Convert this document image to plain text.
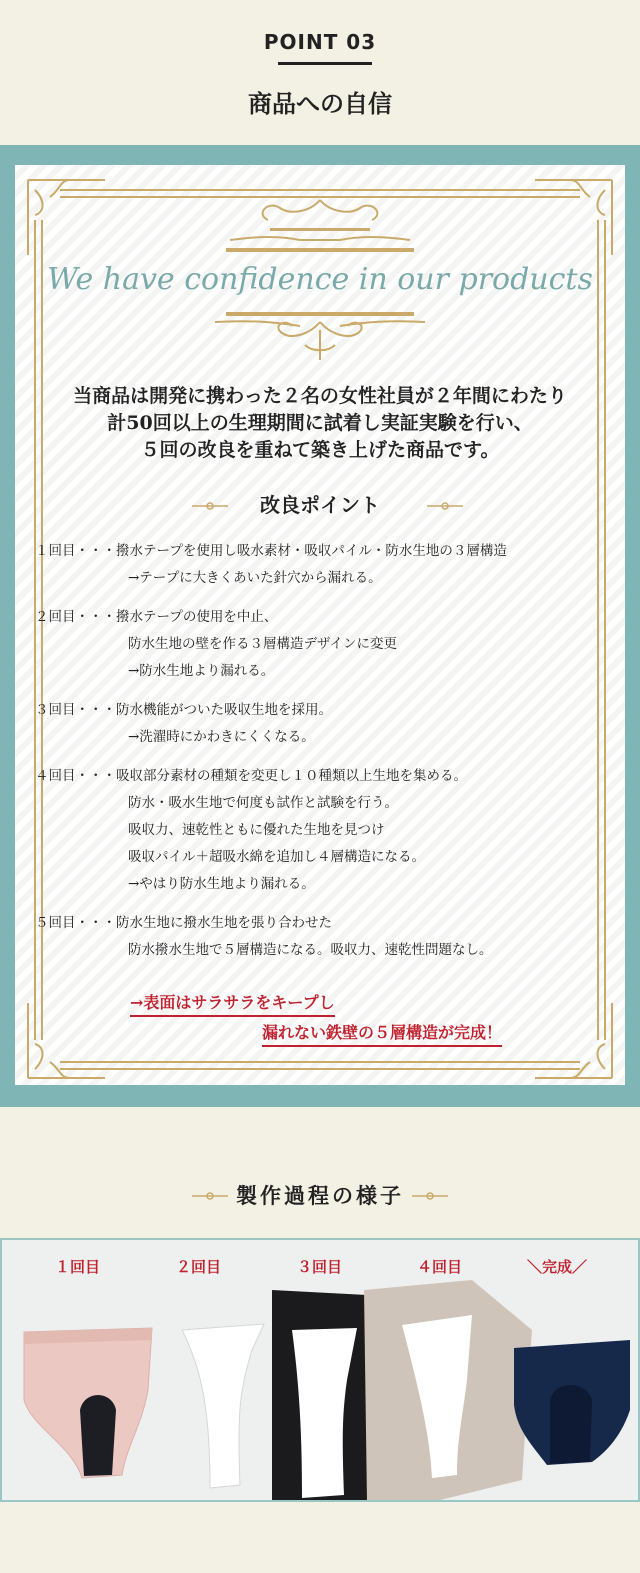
POINT 03
商品への自信
We have confidence in our products
当商品は開発に携わった２名の女性社員が２年間にわたり
計50回以上の生理期間に試着し実証実験を行い、
５回の改良を重ねて築き上げた商品です。
改良ポイント
１回目・・・撥水テープを使用し吸水素材・吸収パイル・防水生地の３層構造
→テープに大きくあいた針穴から漏れる。
２回目・・・撥水テープの使用を中止、
防水生地の壁を作る３層構造デザインに変更
→防水生地より漏れる。
３回目・・・防水機能がついた吸収生地を採用。
→洗濯時にかわきにくくなる。
４回目・・・吸収部分素材の種類を変更し１０種類以上生地を集める。
防水・吸水生地で何度も試作と試験を行う。
吸収力、速乾性ともに優れた生地を見つけ
吸収パイル＋超吸水綿を追加し４層構造になる。
→やはり防水生地より漏れる。
５回目・・・防水生地に撥水生地を張り合わせた
防水撥水生地で５層構造になる。吸収力、速乾性問題なし。
→表面はサラサラをキープし
漏れない鉄壁の５層構造が完成！
製作過程の様子
１回目	２回目	３回目	４回目	＼完成／
